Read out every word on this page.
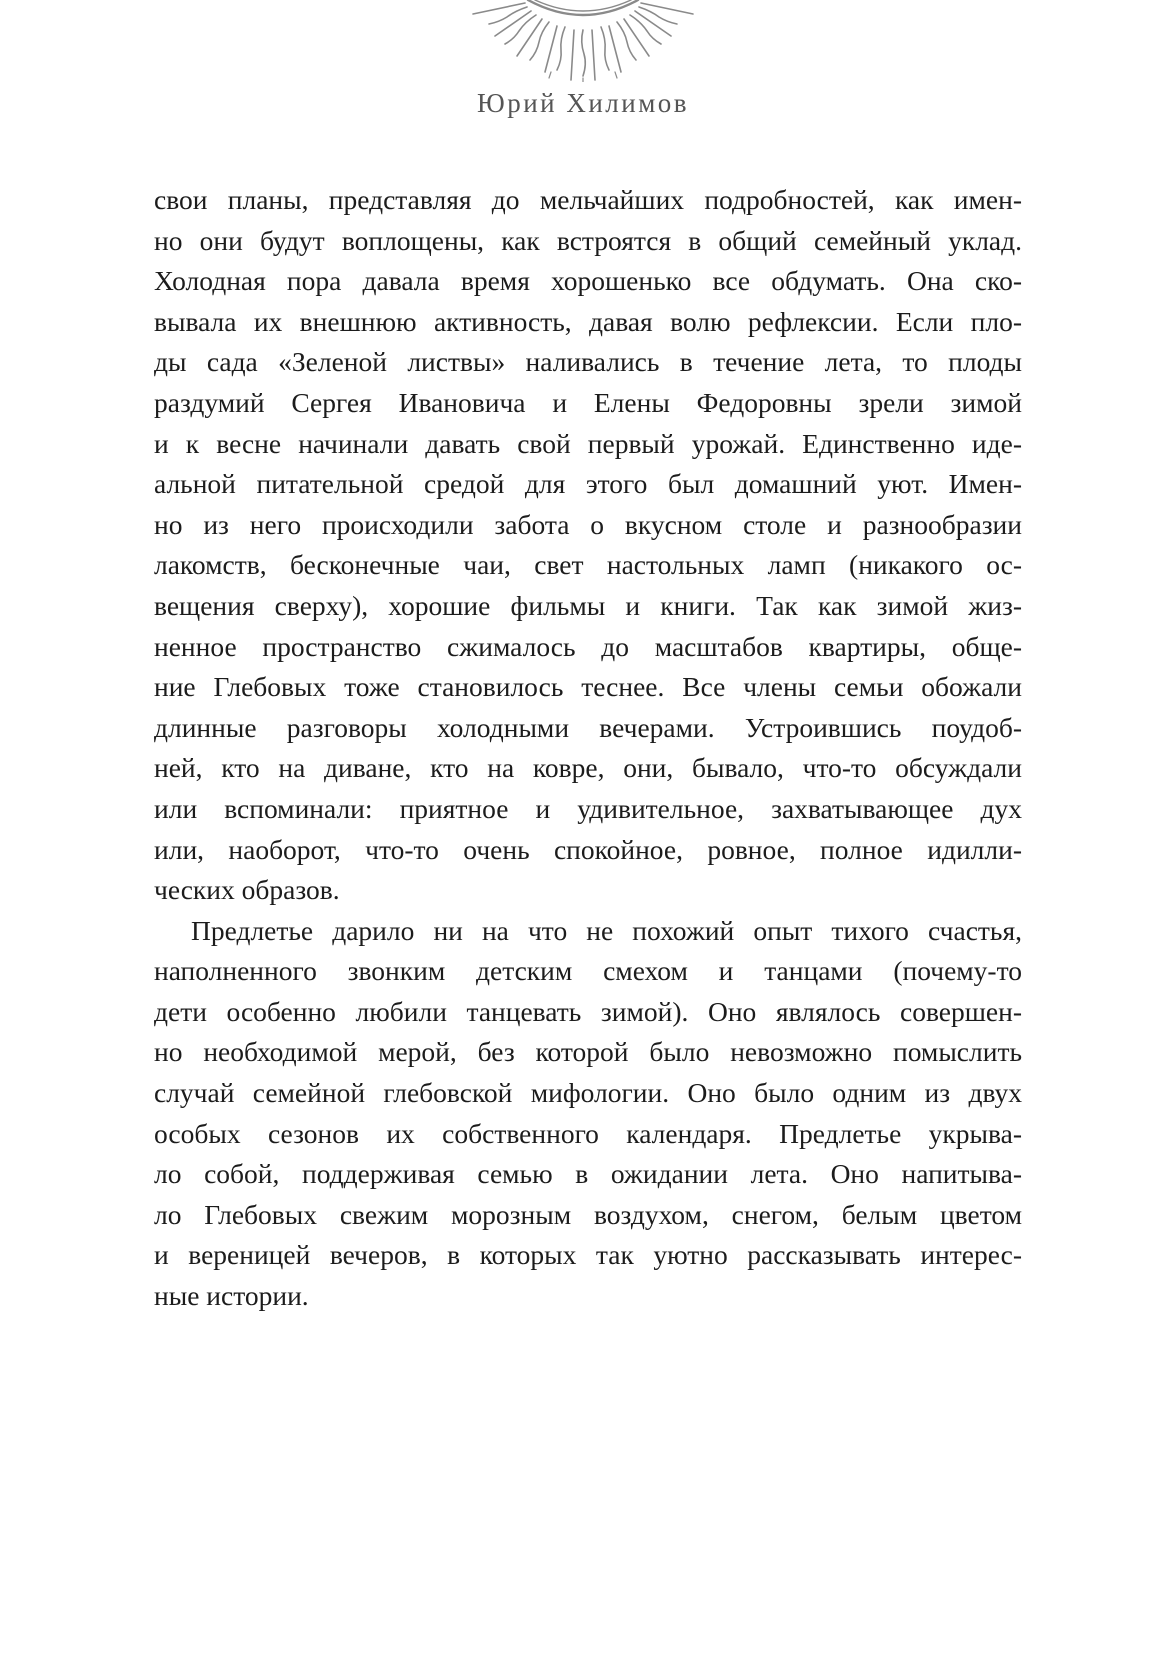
Юрий Хилимов
свои планы, представляя до мельчайших подробностей, как имен-
но они будут воплощены, как встроятся в общий семейный уклад.
Холодная пора давала время хорошенько все обдумать. Она ско-
вывала их внешнюю активность, давая волю рефлексии. Если пло-
ды сада «Зеленой листвы» наливались в течение лета, то плоды
раздумий Сергея Ивановича и Елены Федоровны зрели зимой
и к весне начинали давать свой первый урожай. Единственно иде-
альной питательной средой для этого был домашний уют. Имен-
но из него происходили забота о вкусном столе и разнообразии
лакомств, бесконечные чаи, свет настольных ламп (никакого ос-
вещения сверху), хорошие фильмы и книги. Так как зимой жиз-
ненное пространство сжималось до масштабов квартиры, обще-
ние Глебовых тоже становилось теснее. Все члены семьи обожали
длинные разговоры холодными вечерами. Устроившись поудоб-
ней, кто на диване, кто на ковре, они, бывало, что-то обсуждали
или вспоминали: приятное и удивительное, захватывающее дух
или, наоборот, что-то очень спокойное, ровное, полное идилли-
ческих образов.
Предлетье дарило ни на что не похожий опыт тихого счастья,
наполненного звонким детским смехом и танцами (почему-то
дети особенно любили танцевать зимой). Оно являлось совершен-
но необходимой мерой, без которой было невозможно помыслить
случай семейной глебовской мифологии. Оно было одним из двух
особых сезонов их собственного календаря. Предлетье укрыва-
ло собой, поддерживая семью в ожидании лета. Оно напитыва-
ло Глебовых свежим морозным воздухом, снегом, белым цветом
и вереницей вечеров, в которых так уютно рассказывать интерес-
ные истории.
